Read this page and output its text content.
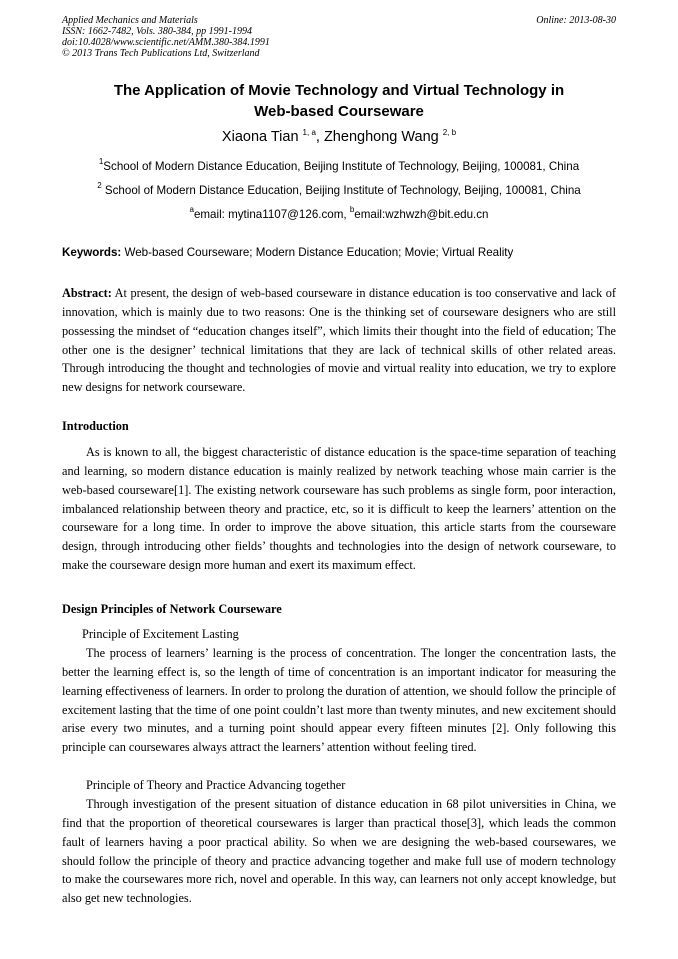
Applied Mechanics and Materials
ISSN: 1662-7482, Vols. 380-384, pp 1991-1994
doi:10.4028/www.scientific.net/AMM.380-384.1991
© 2013 Trans Tech Publications Ltd, Switzerland
Online: 2013-08-30
The Application of Movie Technology and Virtual Technology in
Web-based Courseware
Xiaona Tian $^{1, a}$, Zhenghong Wang $^{2, b}$
$^1$School of Modern Distance Education, Beijing Institute of Technology, Beijing, 100081, China
$^2$ School of Modern Distance Education, Beijing Institute of Technology, Beijing, 100081, China
$^a$email: mytina1107@126.com, $^b$email:wzhwzh@bit.edu.cn
Keywords: Web-based Courseware; Modern Distance Education; Movie; Virtual Reality
Abstract: At present, the design of web-based courseware in distance education is too conservative and lack of innovation, which is mainly due to two reasons: One is the thinking set of courseware designers who are still possessing the mindset of “education changes itself”, which limits their thought into the field of education; The other one is the designer’ technical limitations that they are lack of technical skills of other related areas. Through introducing the thought and technologies of movie and virtual reality into education, we try to explore new designs for network courseware.
Introduction
As is known to all, the biggest characteristic of distance education is the space-time separation of teaching and learning, so modern distance education is mainly realized by network teaching whose main carrier is the web-based courseware[1]. The existing network courseware has such problems as single form, poor interaction, imbalanced relationship between theory and practice, etc, so it is difficult to keep the learners’ attention on the courseware for a long time. In order to improve the above situation, this article starts from the courseware design, through introducing other fields’ thoughts and technologies into the design of network courseware, to make the courseware design more human and exert its maximum effect.
Design Principles of Network Courseware
Principle of Excitement Lasting
The process of learners’ learning is the process of concentration. The longer the concentration lasts, the better the learning effect is, so the length of time of concentration is an important indicator for measuring the learning effectiveness of learners. In order to prolong the duration of attention, we should follow the principle of excitement lasting that the time of one point couldn’t last more than twenty minutes, and new excitement should arise every two minutes, and a turning point should appear every fifteen minutes [2]. Only following this principle can coursewares always attract the learners’ attention without feeling tired.
Principle of Theory and Practice Advancing together
Through investigation of the present situation of distance education in 68 pilot universities in China, we find that the proportion of theoretical coursewares is larger than practical those[3], which leads the common fault of learners having a poor practical ability. So when we are designing the web-based coursewares, we should follow the principle of theory and practice advancing together and make full use of modern technology to make the coursewares more rich, novel and operable. In this way, can learners not only accept knowledge, but also get new technologies.
